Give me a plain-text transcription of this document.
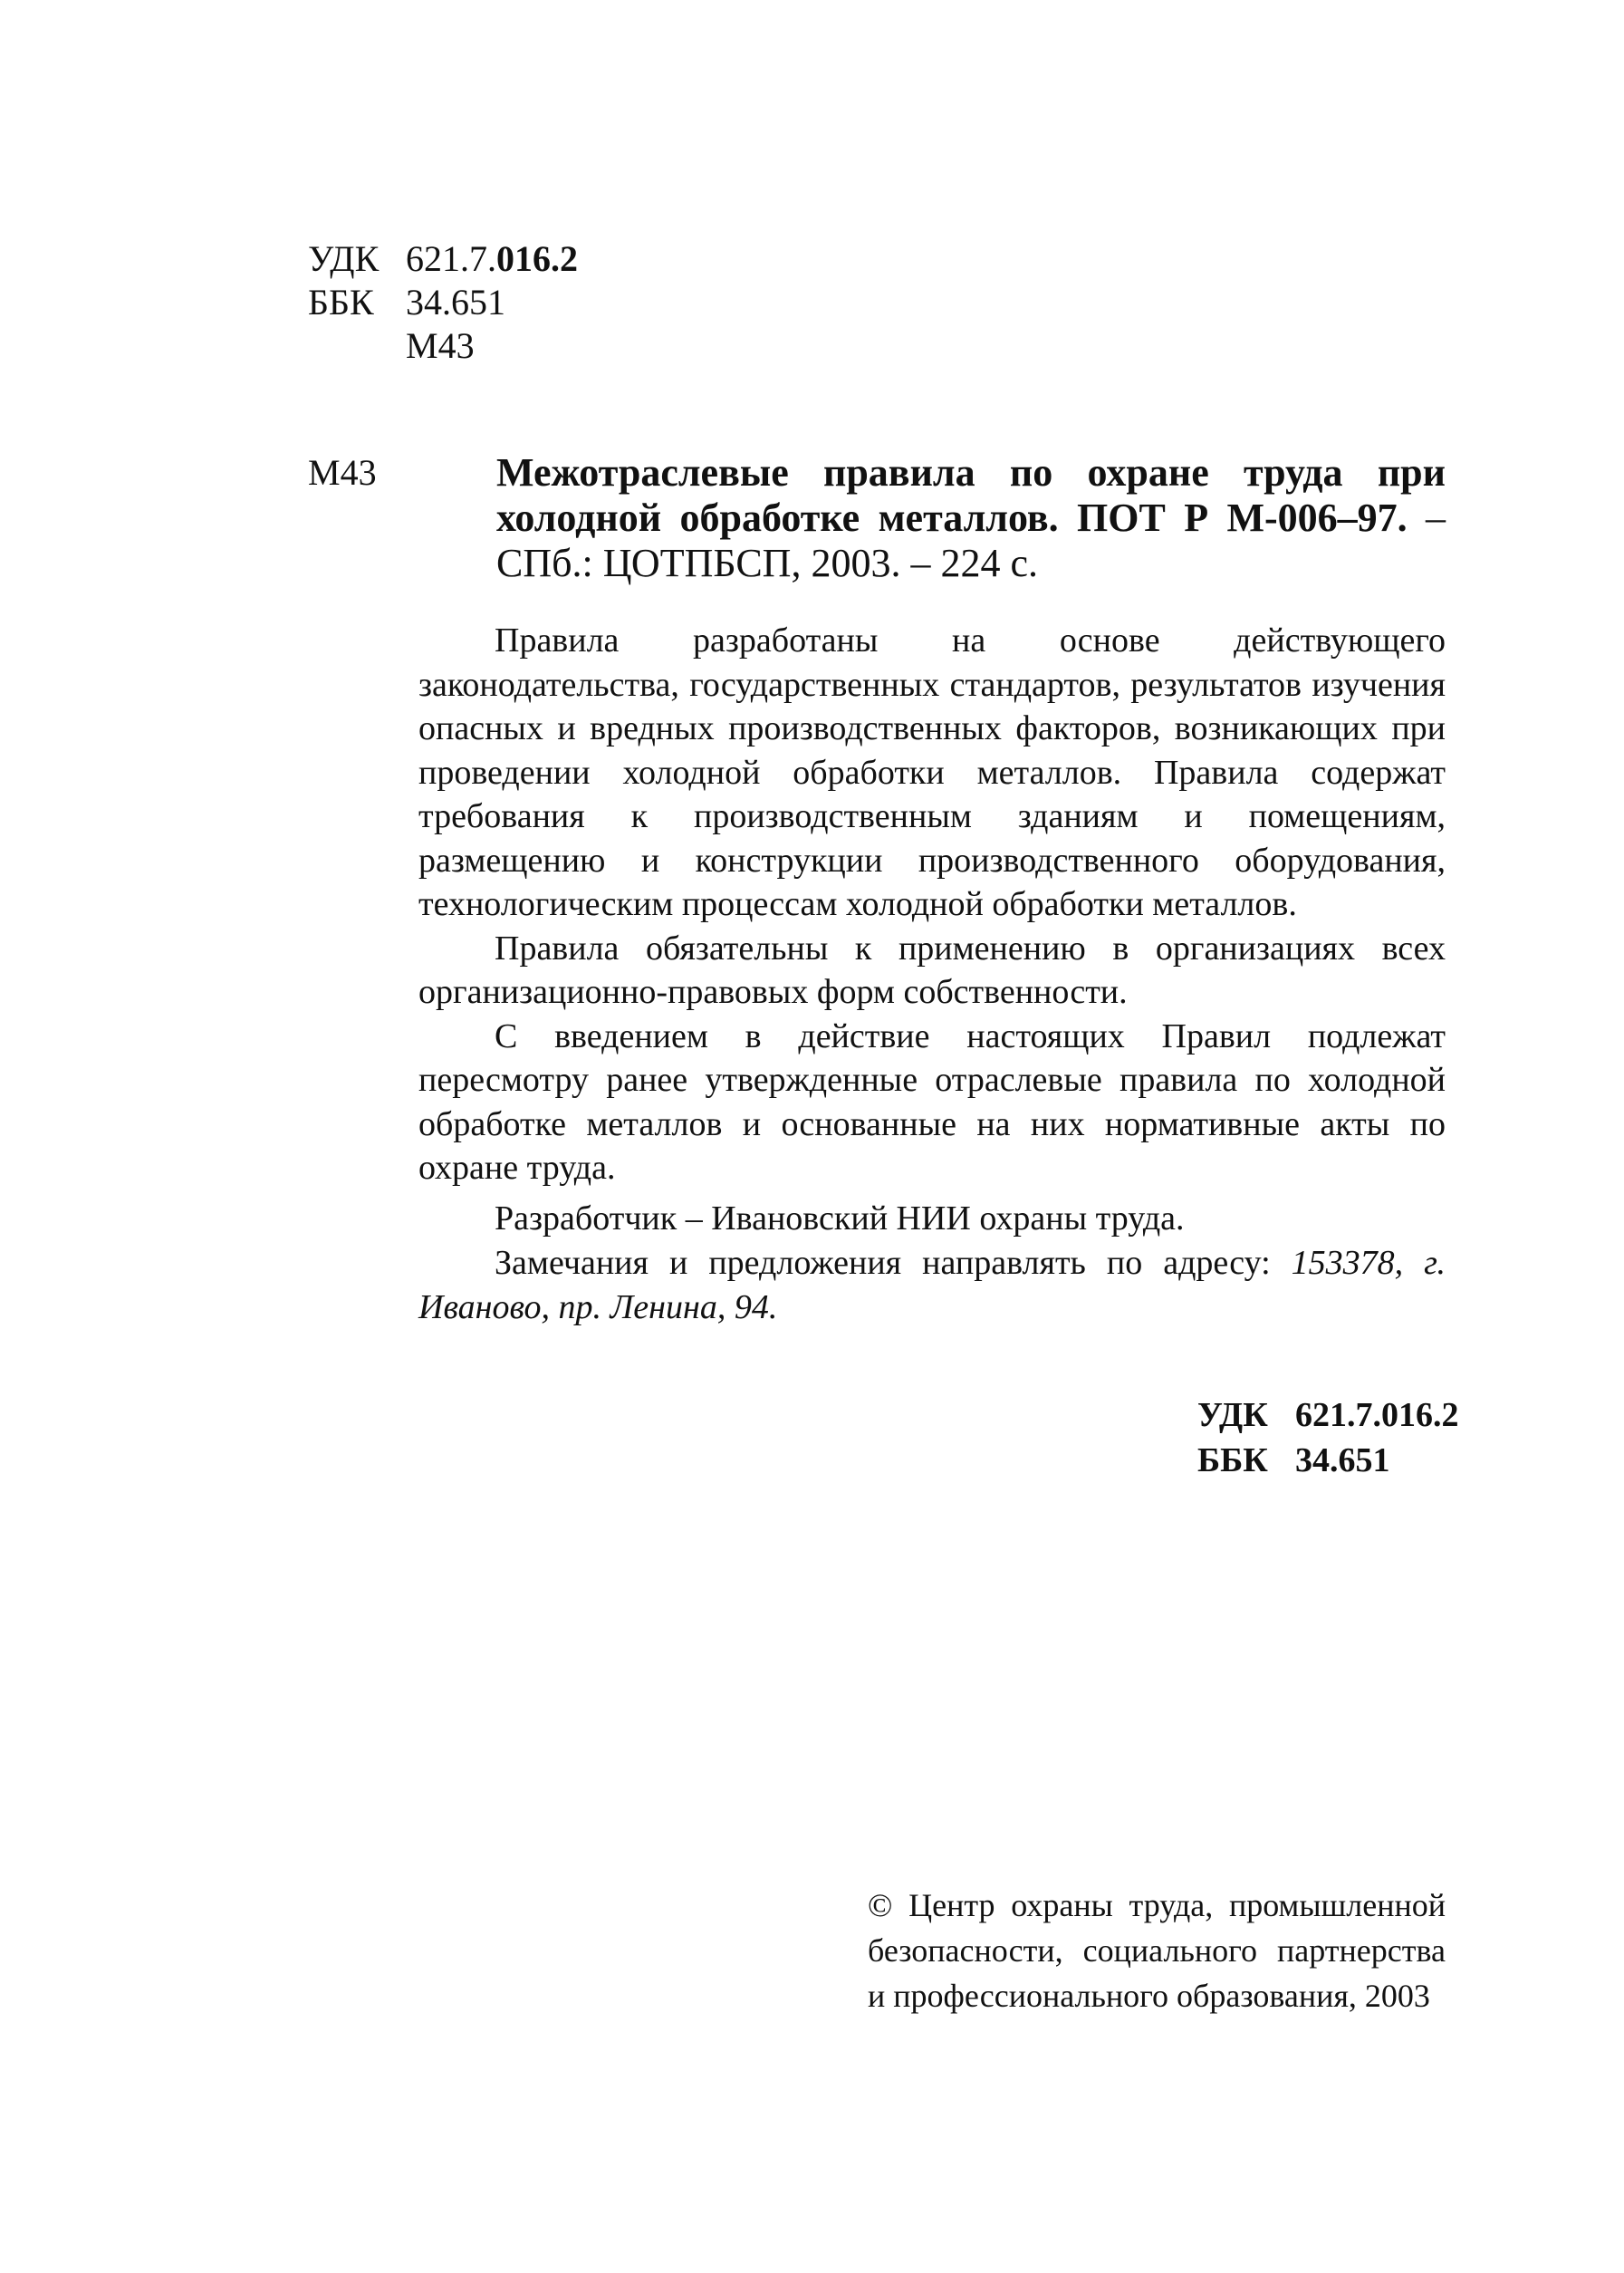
УДК 621.7.016.2
ББК 34.651
М43
М43	Межотраслевые правила по охране труда при холодной обработке металлов. ПОТ Р М-006–97. – СПб.: ЦОТПБСП, 2003. – 224 с.

Правила разработаны на основе действующего законодательства, государственных стандартов, результатов изучения опасных и вредных производственных факторов, возникающих при проведении холодной обработки металлов. Правила содержат требования к производственным зданиям и помещениям, размещению и конструкции производственного оборудования, технологическим процессам холодной обработки металлов.

Правила обязательны к применению в организациях всех организационно-правовых форм собственности.

С введением в действие настоящих Правил подлежат пересмотру ранее утвержденные отраслевые правила по холодной обработке металлов и основанные на них нормативные акты по охране труда.

Разработчик – Ивановский НИИ охраны труда.

Замечания и предложения направлять по адресу: 153378, г. Иваново, пр. Ленина, 94.

УДК 621.7.016.2
ББК 34.651
© Центр охраны труда, промышленной безопасности, социального партнерства и профессионального образования, 2003
